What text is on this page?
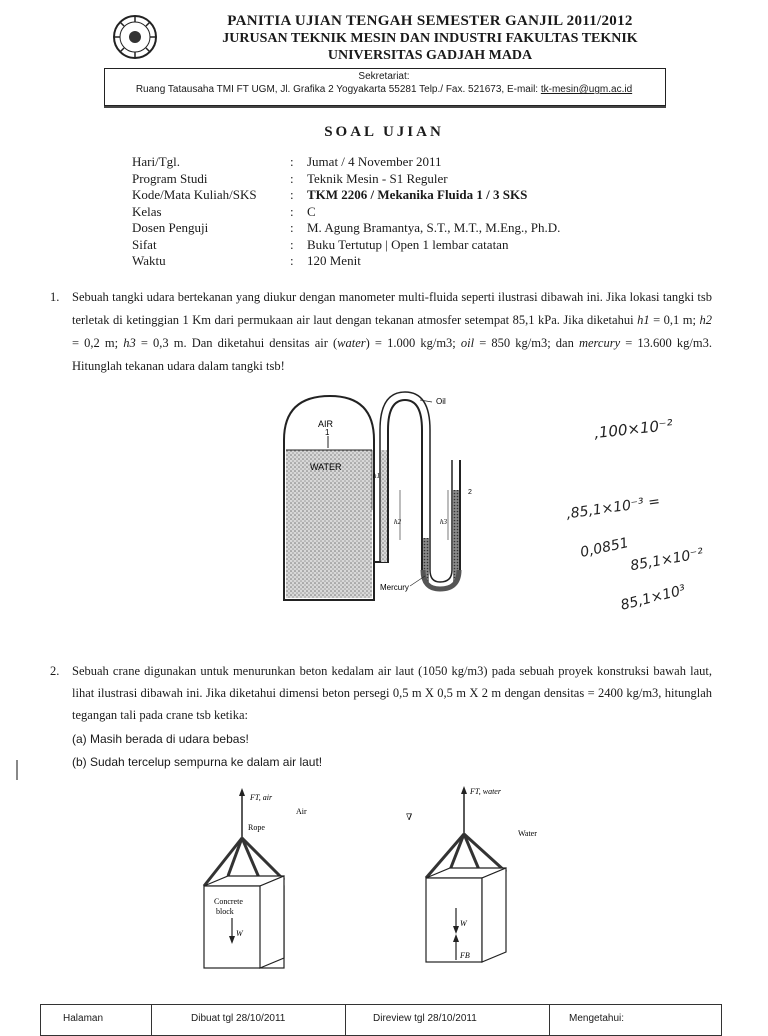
PANITIA UJIAN TENGAH SEMESTER GANJIL 2011/2012
JURUSAN TEKNIK MESIN DAN INDUSTRI FAKULTAS TEKNIK
UNIVERSITAS GADJAH MADA
Sekretariat:
Ruang Tatausaha TMI FT UGM, Jl. Grafika 2 Yogyakarta 55281 Telp./ Fax. 521673, E-mail: tk-mesin@ugm.ac.id
SOAL UJIAN
Hari/Tgl.	: Jumat / 4 November 2011
Program Studi	: Teknik Mesin - S1 Reguler
Kode/Mata Kuliah/SKS	: TKM 2206 / Mekanika Fluida 1 / 3 SKS
Kelas	: C
Dosen Penguji	: M. Agung Bramantya, S.T., M.T., M.Eng., Ph.D.
Sifat	: Buku Tertutup | Open 1 lembar catatan
Waktu	: 120 Menit
1. Sebuah tangki udara bertekanan yang diukur dengan manometer multi-fluida seperti ilustrasi dibawah ini. Jika lokasi tangki tsb terletak di ketinggian 1 Km dari permukaan air laut dengan tekanan atmosfer setempat 85,1 kPa. Jika diketahui h1 = 0,1 m; h2 = 0,2 m; h3 = 0,3 m. Dan diketahui densitas air (water) = 1.000 kg/m3; oil = 850 kg/m3; dan mercury = 13.600 kg/m3. Hitunglah tekanan udara dalam tangki tsb!
AIR
1
WATER
Oil
h1
h2	h3
2
Mercury
,100×10⁻²
,85,1×10⁻³ =
0,0851 85,1×10⁻²
85,1×10³
2. Sebuah crane digunakan untuk menurunkan beton kedalam air laut (1050 kg/m3) pada sebuah proyek konstruksi bawah laut, lihat ilustrasi dibawah ini. Jika diketahui dimensi beton persegi 0,5 m X 0,5 m X 2 m dengan densitas = 2400 kg/m3, hitunglah tegangan tali pada crane tsb ketika:
(a) Masih berada di udara bebas!
(b) Sudah tercelup sempurna ke dalam air laut!
FT, air
Air
Rope
Concrete
block
W
∇
FT, water
Water
W
FB
Halaman	Dibuat tgl 28/10/2011	Direview tgl 28/10/2011	Mengetahui:
